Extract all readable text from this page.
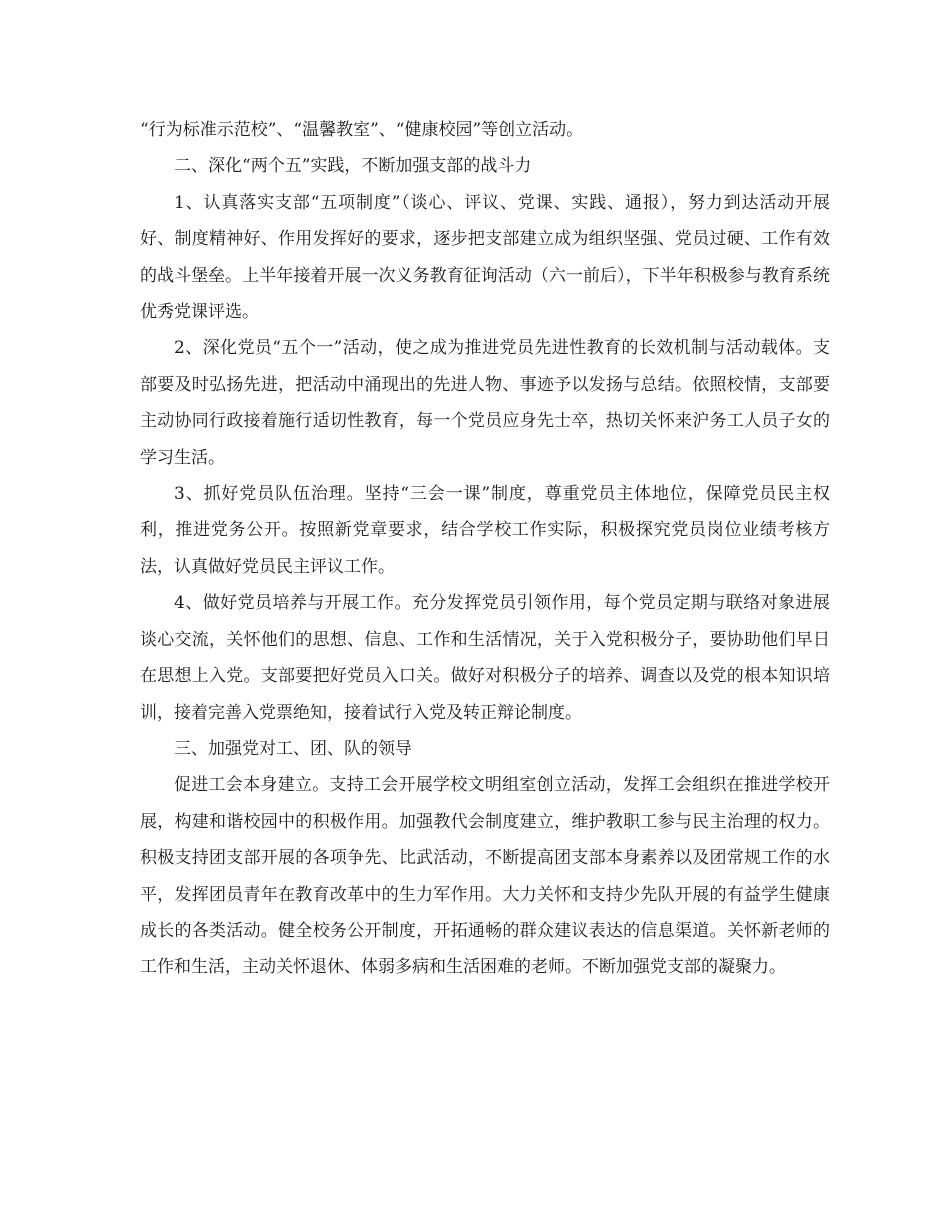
“行为标准示范校”、“温馨教室”、“健康校园”等创立活动。

二、深化“两个五”实践，不断加强支部的战斗力

1、认真落实支部“五项制度”（谈心、评议、党课、实践、通报），努力到达活动开展好、制度精神好、作用发挥好的要求，逐步把支部建立成为组织坚强、党员过硬、工作有效的战斗堡垒。上半年接着开展一次义务教育征询活动（六一前后），下半年积极参与教育系统优秀党课评选。

2、深化党员“五个一”活动，使之成为推进党员先进性教育的长效机制与活动载体。支部要及时弘扬先进，把活动中涌现出的先进人物、事迹予以发扬与总结。依照校情，支部要主动协同行政接着施行适切性教育，每一个党员应身先士卒，热切关怀来沪务工人员子女的学习生活。

3、抓好党员队伍治理。坚持“三会一课”制度，尊重党员主体地位，保障党员民主权利，推进党务公开。按照新党章要求，结合学校工作实际，积极探究党员岗位业绩考核方法，认真做好党员民主评议工作。

4、做好党员培养与开展工作。充分发挥党员引领作用，每个党员定期与联络对象进展谈心交流，关怀他们的思想、信息、工作和生活情况，关于入党积极分子，要协助他们早日在思想上入党。支部要把好党员入口关。做好对积极分子的培养、调查以及党的根本知识培训，接着完善入党票绝知，接着试行入党及转正辩论制度。

三、加强党对工、团、队的领导

促进工会本身建立。支持工会开展学校文明组室创立活动，发挥工会组织在推进学校开展，构建和谐校园中的积极作用。加强教代会制度建立，维护教职工参与民主治理的权力。积极支持团支部开展的各项争先、比武活动，不断提高团支部本身素养以及团常规工作的水平，发挥团员青年在教育改革中的生力军作用。大力关怀和支持少先队开展的有益学生健康成长的各类活动。健全校务公开制度，开拓通畅的群众建议表达的信息渠道。关怀新老师的工作和生活，主动关怀退休、体弱多病和生活困难的老师。不断加强党支部的凝聚力。
